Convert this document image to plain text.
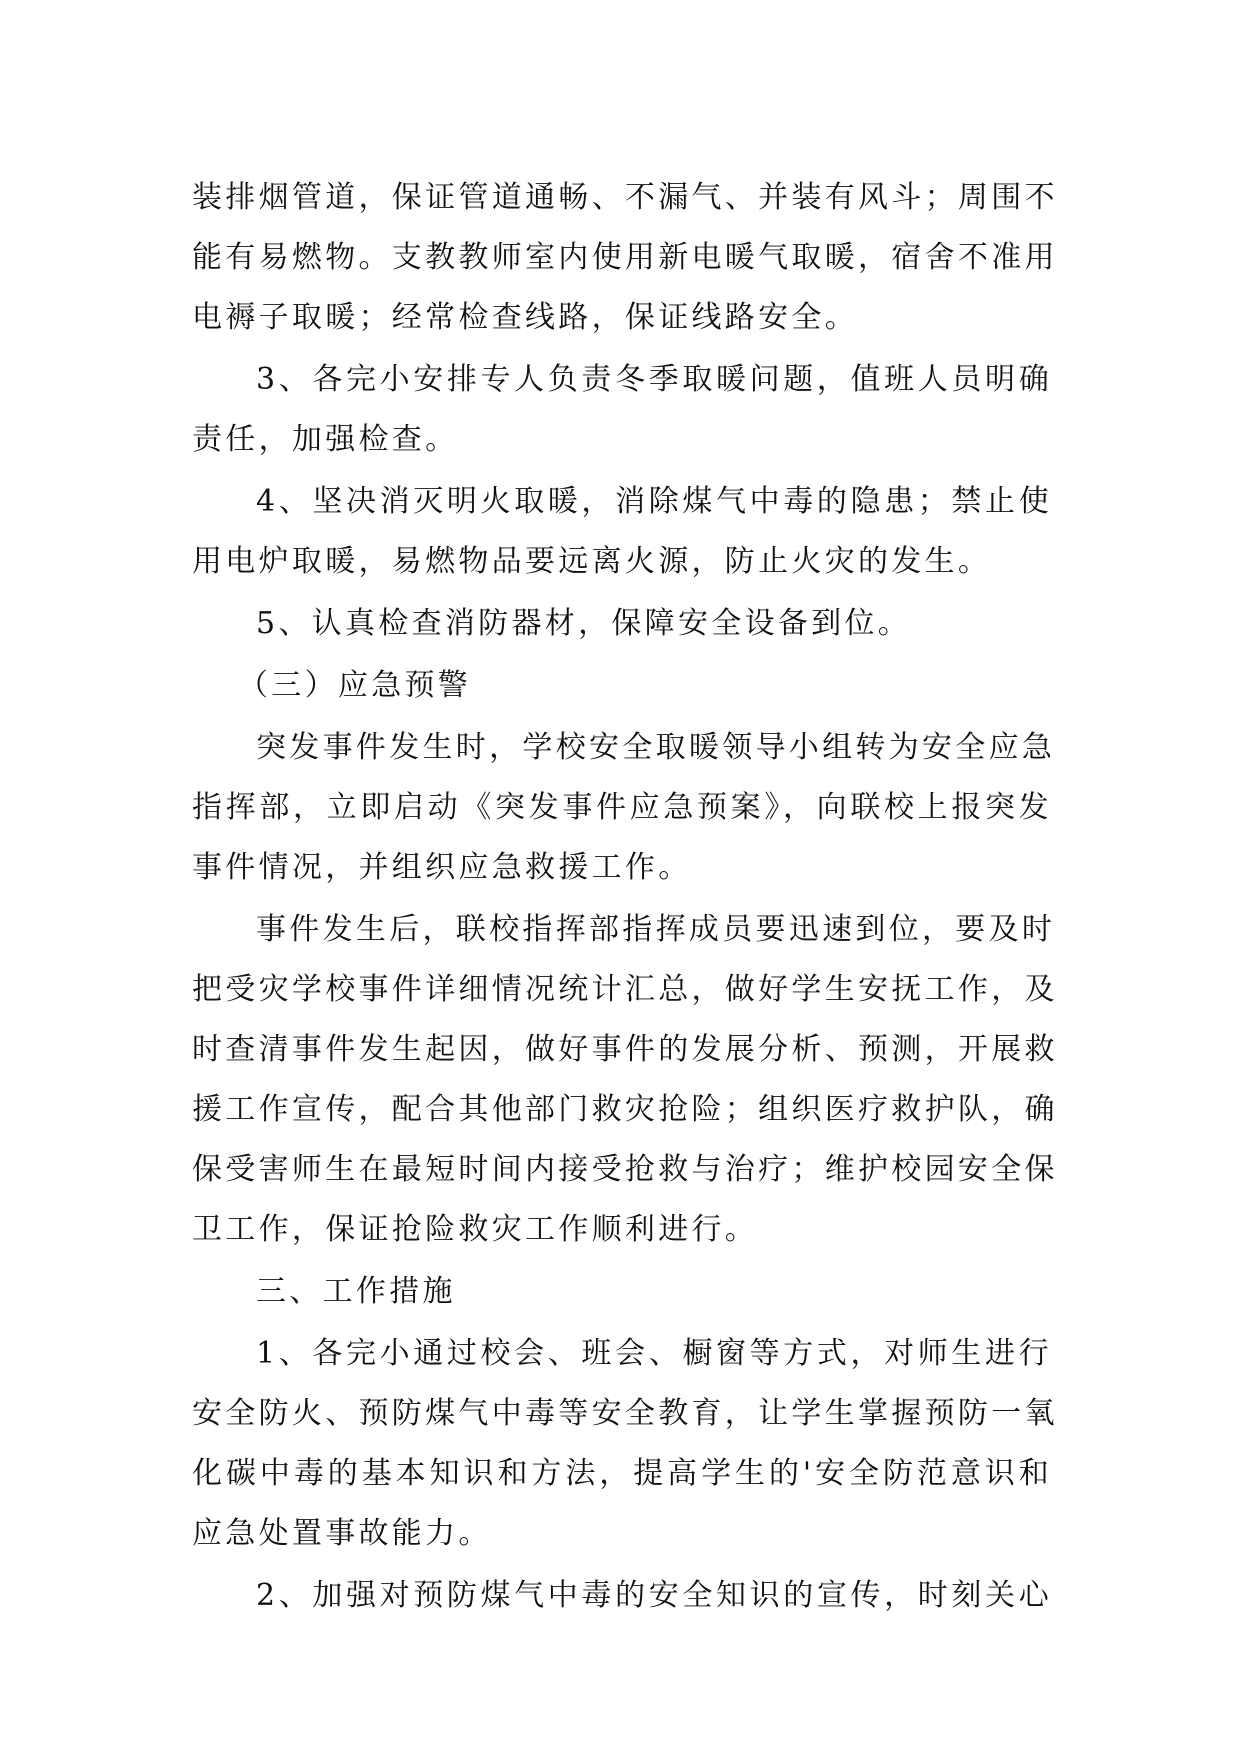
装排烟管道，保证管道通畅、不漏气、并装有风斗；周围不
能有易燃物。支教教师室内使用新电暖气取暖，宿舍不准用
电褥子取暖；经常检查线路，保证线路安全。
3、各完小安排专人负责冬季取暖问题，值班人员明确
责任，加强检查。
4、坚决消灭明火取暖，消除煤气中毒的隐患；禁止使
用电炉取暖，易燃物品要远离火源，防止火灾的发生。
5、认真检查消防器材，保障安全设备到位。
（三）应急预警
突发事件发生时，学校安全取暖领导小组转为安全应急
指挥部，立即启动《突发事件应急预案》，向联校上报突发
事件情况，并组织应急救援工作。
事件发生后，联校指挥部指挥成员要迅速到位，要及时
把受灾学校事件详细情况统计汇总，做好学生安抚工作，及
时查清事件发生起因，做好事件的发展分析、预测，开展救
援工作宣传，配合其他部门救灾抢险；组织医疗救护队，确
保受害师生在最短时间内接受抢救与治疗；维护校园安全保
卫工作，保证抢险救灾工作顺利进行。
三、工作措施
1、各完小通过校会、班会、橱窗等方式，对师生进行
安全防火、预防煤气中毒等安全教育，让学生掌握预防一氧
化碳中毒的基本知识和方法，提高学生的'安全防范意识和
应急处置事故能力。
2、加强对预防煤气中毒的安全知识的宣传，时刻关心
